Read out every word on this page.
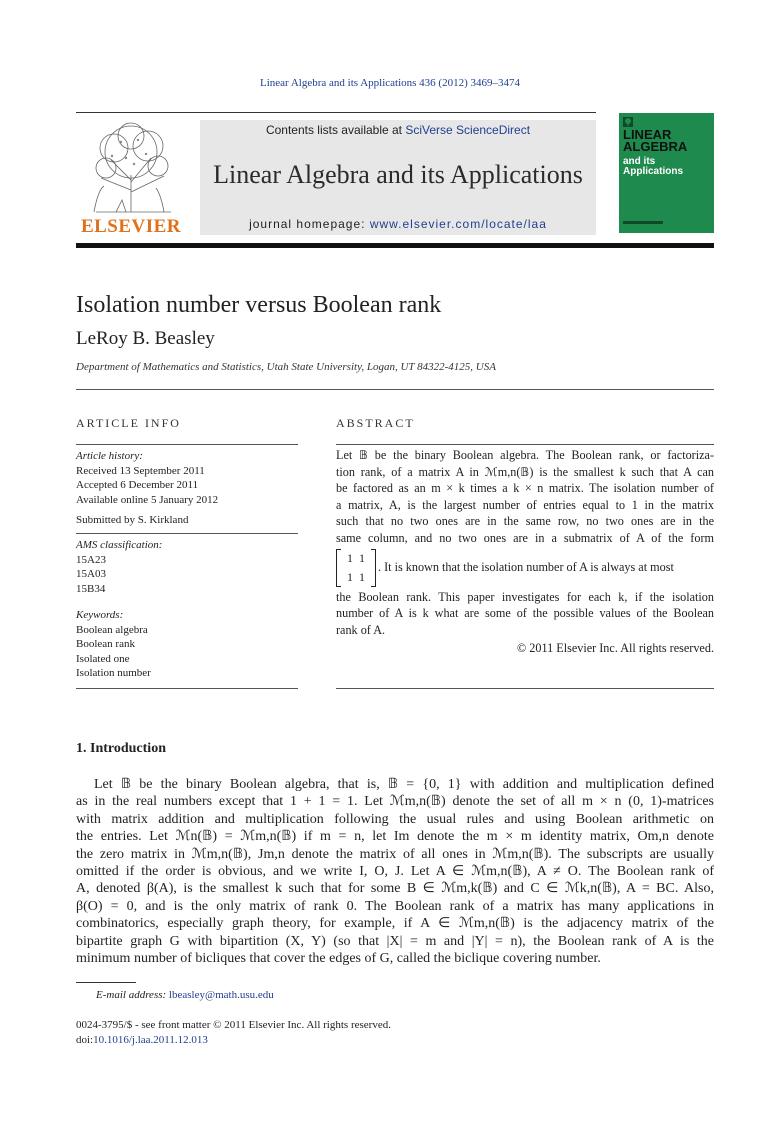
Linear Algebra and its Applications 436 (2012) 3469–3474
ELSEVIER
Contents lists available at SciVerse ScienceDirect
Linear Algebra and its Applications
journal homepage: www.elsevier.com/locate/laa
LINEAR
ALGEBRA
and its
Applications
Isolation number versus Boolean rank
LeRoy B. Beasley
Department of Mathematics and Statistics, Utah State University, Logan, UT 84322-4125, USA
ARTICLE INFO	ABSTRACT
Article history:
Received 13 September 2011
Accepted 6 December 2011
Available online 5 January 2012
Submitted by S. Kirkland
AMS classification:
15A23
15A03
15B34
Keywords:
Boolean algebra
Boolean rank
Isolated one
Isolation number
Let 𝔹 be the binary Boolean algebra. The Boolean rank, or factoriza-
tion rank, of a matrix A in ℳm,n(𝔹) is the smallest k such that A can
be factored as an m × k times a k × n matrix. The isolation number of
a matrix, A, is the largest number of entries equal to 1 in the matrix
such that no two ones are in the same row, no two ones are in the
same column, and no two ones are in a submatrix of A of the form
1 1
1 1
. It is known that the isolation number of A is always at most
the Boolean rank. This paper investigates for each k, if the isolation
number of A is k what are some of the possible values of the Boolean
rank of A.
© 2011 Elsevier Inc. All rights reserved.
1. Introduction
Let 𝔹 be the binary Boolean algebra, that is, 𝔹 = {0, 1} with addition and multiplication defined
as in the real numbers except that 1 + 1 = 1. Let ℳm,n(𝔹) denote the set of all m × n (0, 1)-matrices
with matrix addition and multiplication following the usual rules and using Boolean arithmetic on
the entries. Let ℳn(𝔹) = ℳm,n(𝔹) if m = n, let Im denote the m × m identity matrix, Om,n denote
the zero matrix in ℳm,n(𝔹), Jm,n denote the matrix of all ones in ℳm,n(𝔹). The subscripts are usually
omitted if the order is obvious, and we write I, O, J. Let A ∈ ℳm,n(𝔹), A ≠ O. The Boolean rank of
A, denoted β(A), is the smallest k such that for some B ∈ ℳm,k(𝔹) and C ∈ ℳk,n(𝔹), A = BC. Also,
β(O) = 0, and is the only matrix of rank 0. The Boolean rank of a matrix has many applications in
combinatorics, especially graph theory, for example, if A ∈ ℳm,n(𝔹) is the adjacency matrix of the
bipartite graph G with bipartition (X, Y) (so that |X| = m and |Y| = n), the Boolean rank of A is the
minimum number of bicliques that cover the edges of G, called the biclique covering number.
E-mail address: lbeasley@math.usu.edu
0024-3795/$ - see front matter © 2011 Elsevier Inc. All rights reserved.
doi:10.1016/j.laa.2011.12.013
